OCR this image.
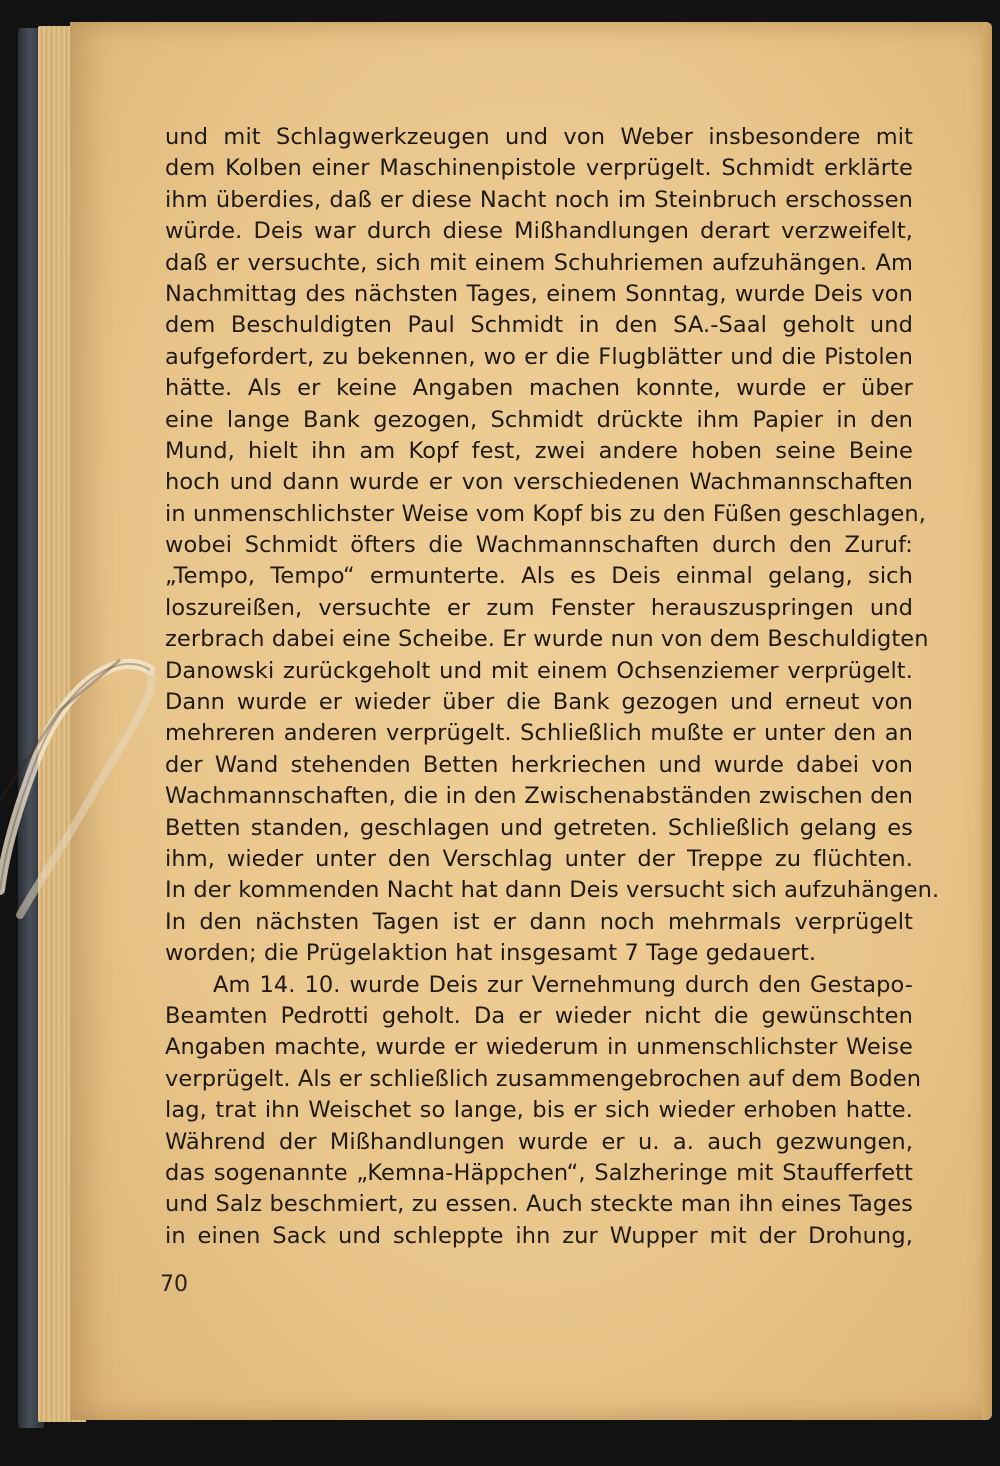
und mit Schlagwerkzeugen und von Weber insbesondere mit
dem Kolben einer Maschinenpistole verprügelt. Schmidt erklärte
ihm überdies, daß er diese Nacht noch im Steinbruch erschossen
würde. Deis war durch diese Mißhandlungen derart verzweifelt,
daß er versuchte, sich mit einem Schuhriemen aufzuhängen. Am
Nachmittag des nächsten Tages, einem Sonntag, wurde Deis von
dem Beschuldigten Paul Schmidt in den SA.-Saal geholt und
aufgefordert, zu bekennen, wo er die Flugblätter und die Pistolen
hätte. Als er keine Angaben machen konnte, wurde er über
eine lange Bank gezogen, Schmidt drückte ihm Papier in den
Mund, hielt ihn am Kopf fest, zwei andere hoben seine Beine
hoch und dann wurde er von verschiedenen Wachmannschaften
in unmenschlichster Weise vom Kopf bis zu den Füßen geschlagen,
wobei Schmidt öfters die Wachmannschaften durch den Zuruf:
„Tempo, Tempo“ ermunterte. Als es Deis einmal gelang, sich
loszureißen, versuchte er zum Fenster herauszuspringen und
zerbrach dabei eine Scheibe. Er wurde nun von dem Beschuldigten
Danowski zurückgeholt und mit einem Ochsenziemer verprügelt.
Dann wurde er wieder über die Bank gezogen und erneut von
mehreren anderen verprügelt. Schließlich mußte er unter den an
der Wand stehenden Betten herkriechen und wurde dabei von
Wachmannschaften, die in den Zwischenabständen zwischen den
Betten standen, geschlagen und getreten. Schließlich gelang es
ihm, wieder unter den Verschlag unter der Treppe zu flüchten.
In der kommenden Nacht hat dann Deis versucht sich aufzuhängen.
In den nächsten Tagen ist er dann noch mehrmals verprügelt
worden; die Prügelaktion hat insgesamt 7 Tage gedauert.
Am 14. 10. wurde Deis zur Vernehmung durch den Gestapo-
Beamten Pedrotti geholt. Da er wieder nicht die gewünschten
Angaben machte, wurde er wiederum in unmenschlichster Weise
verprügelt. Als er schließlich zusammengebrochen auf dem Boden
lag, trat ihn Weischet so lange, bis er sich wieder erhoben hatte.
Während der Mißhandlungen wurde er u. a. auch gezwungen,
das sogenannte „Kemna-Häppchen“, Salzheringe mit Staufferfett
und Salz beschmiert, zu essen. Auch steckte man ihn eines Tages
in einen Sack und schleppte ihn zur Wupper mit der Drohung,
70
